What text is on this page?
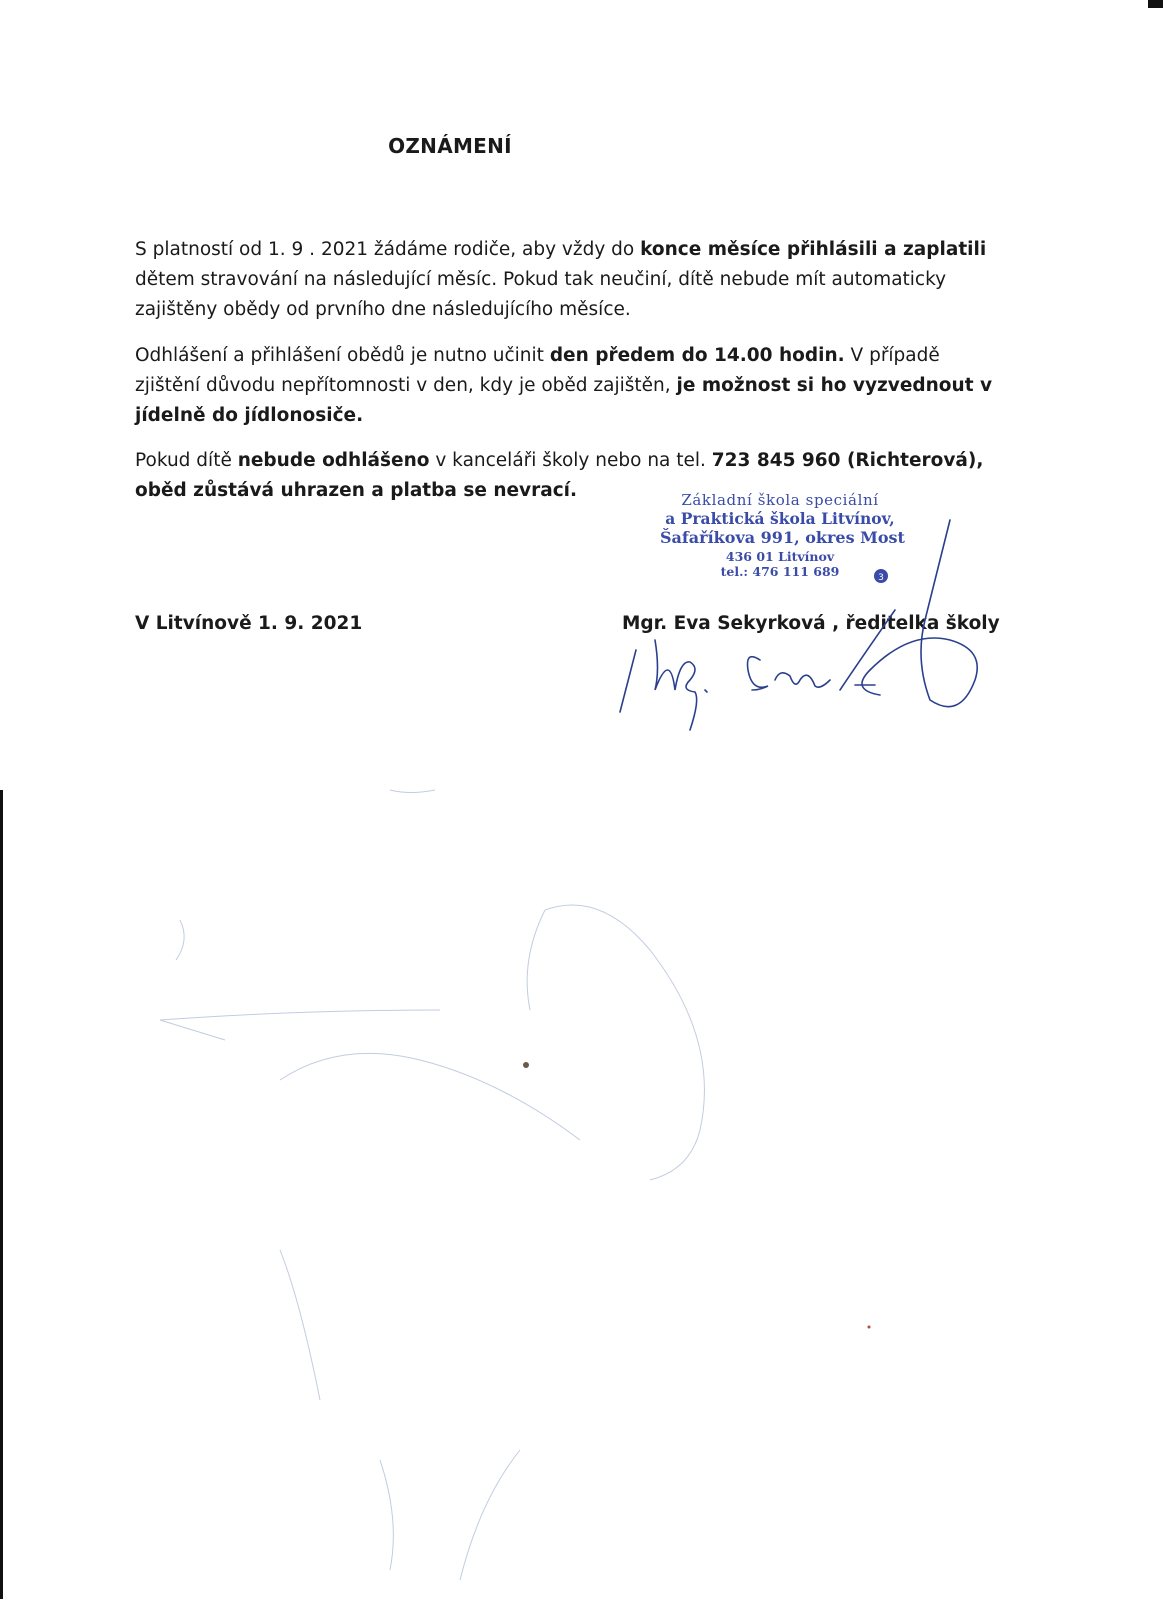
OZNÁMENÍ

S platností od 1. 9 . 2021 žádáme rodiče, aby vždy do konce měsíce přihlásili a zaplatili dětem stravování na následující měsíc. Pokud tak neučiní, dítě nebude mít automaticky zajištěny obědy od prvního dne následujícího měsíce.

Odhlášení a přihlášení obědů je nutno učinit den předem do 14.00 hodin. V případě zjištění důvodu nepřítomnosti v den, kdy je oběd zajištěn, je možnost si ho vyzvednout v jídelně do jídlonosiče.

Pokud dítě nebude odhlášeno v kanceláři školy nebo na tel. 723 845 960 (Richterová), oběd zůstává uhrazen a platba se nevrací.	Základní škola speciální
a Praktická škola Litvínov,
Šafaříkova 991, okres Most
436 01 Litvínov
tel.: 476 111 689
V Litvínově 1. 9. 2021	Mgr. Eva Sekyrková , ředitelka školy
3
